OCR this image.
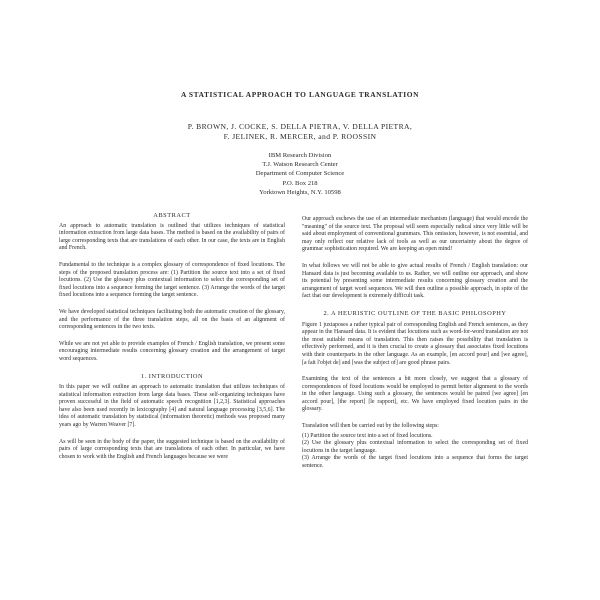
A STATISTICAL APPROACH TO LANGUAGE TRANSLATION
P. BROWN, J. COCKE, S. DELLA PIETRA, V. DELLA PIETRA,
F. JELINEK, R. MERCER, and P. ROOSSIN
IBM Research Division
T.J. Watson Research Center
Department of Computer Science
P.O. Box 218
Yorktown Heights, N.Y. 10598
ABSTRACT

An approach to automatic translation is outlined that utilizes techniques of statistical information extraction from large data bases. The method is based on the availability of pairs of large corresponding texts that are translations of each other. In our case, the texts are in English and French.

Fundamental to the technique is a complex glossary of correspondence of fixed locutions. The steps of the proposed translation process are: (1) Partition the source text into a set of fixed locutions. (2) Use the glossary plus contextual information to select the corresponding set of fixed locutions into a sequence forming the target sentence. (3) Arrange the words of the target fixed locutions into a sequence forming the target sentence.

We have developed statistical techniques facilitating both the automatic creation of the glossary, and the performance of the three translation steps, all on the basis of an alignment of corresponding sentences in the two texts.

While we are not yet able to provide examples of French / English translation, we present some encouraging intermediate results concerning glossary creation and the arrangement of target word sequences.

1. INTRODUCTION

In this paper we will outline an approach to automatic translation that utilizes techniques of statistical information extraction from large data bases. These self-organizing techniques have proven successful in the field of automatic speech recognition [1,2,3]. Statistical approaches have also been used recently in lexicography [4] and natural language processing [3,5,6]. The idea of automatic translation by statistical (information theoretic) methods was proposed many years ago by Warren Weaver [7].

As will be seen in the body of the paper, the suggested technique is based on the availability of pairs of large corresponding texts that are translations of each other. In particular, we have chosen to work with the English and French languages because we were

Our approach eschews the use of an intermediate mechanism (language) that would encode the "meaning" of the source text. The proposal will seem especially radical since very little will be said about employment of conventional grammars. This omission, however, is not essential, and may only reflect our relative lack of tools as well as our uncertainty about the degree of grammar sophistication required. We are keeping an open mind!

In what follows we will not be able to give actual results of French / English translation: our Hansard data is just becoming available to us. Rather, we will outline our approach, and show its potential by presenting some intermediate results concerning glossary creation and the arrangement of target word sequences. We will then outline a possible approach, in spite of the fact that our development is extremely difficult task.

2. A HEURISTIC OUTLINE OF THE BASIC PHILOSOPHY

Figure 1 juxtaposes a rather typical pair of corresponding English and French sentences, as they appear in the Hansard data. It is evident that locutions such as word-for-word translation are not the most suitable means of translation. This then raises the possibility that translation is effectively performed, and it is then crucial to create a glossary that associates fixed locutions with their counterparts in the other language. As an example, [en accord pour] and [we agree], [a fait l'objet de] and [was the subject of] are good phrase pairs.

Examining the text of the sentences a bit more closely, we suggest that a glossary of correspondences of fixed locutions would be employed to permit better alignment to the words in the other language. Using such a glossary, the sentences would be paired [we agree] [en accord pour], [the report] [le rapport], etc. We have employed fixed locution pairs in the glossary.

Translation will then be carried out by the following steps:

(1) Partition the source text into a set of fixed locutions.

(2) Use the glossary plus contextual information to select the corresponding set of fixed locutions in the target language.

(3) Arrange the words of the target fixed locutions into a sequence that forms the target sentence.
